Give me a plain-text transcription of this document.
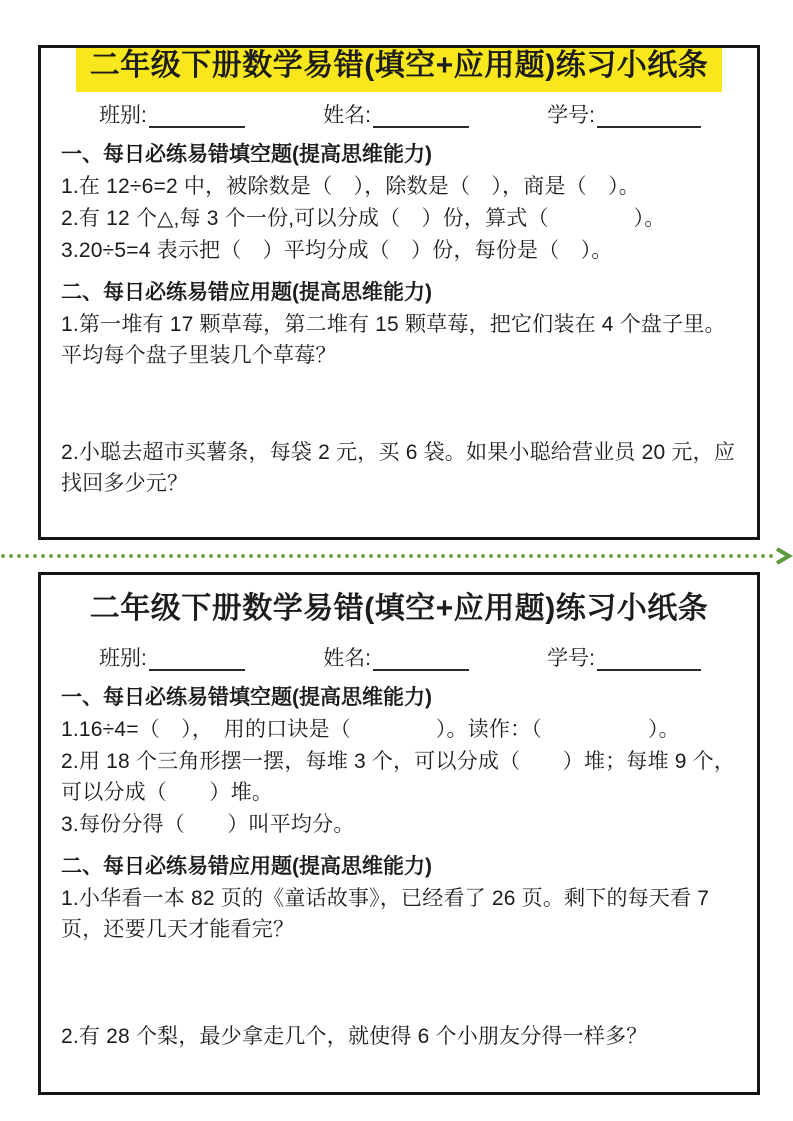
二年级下册数学易错(填空+应用题)练习小纸条
班别:	姓名:	学号:
一、每日必练易错填空题(提高思维能力)
1.在 12÷6=2 中，被除数是（　），除数是（　），商是（　）。
2.有 12 个△,每 3 个一份,可以分成（　）份，算式（　　　　）。
3.20÷5=4 表示把（　）平均分成（　）份，每份是（　）。
二、每日必练易错应用题(提高思维能力)
1.第一堆有 17 颗草莓，第二堆有 15 颗草莓，把它们装在 4 个盘子里。平均每个盘子里装几个草莓？
2.小聪去超市买薯条，每袋 2 元，买 6 袋。如果小聪给营业员 20 元，应找回多少元？
二年级下册数学易错(填空+应用题)练习小纸条
班别:	姓名:	学号:
一、每日必练易错填空题(提高思维能力)
1.16÷4=（　），　用的口诀是（　　　　）。读作：（　　　　　）。
2.用 18 个三角形摆一摆，每堆 3 个，可以分成（　　）堆；每堆 9 个，可以分成（　　）堆。
3.每份分得（　　）叫平均分。
二、每日必练易错应用题(提高思维能力)
1.小华看一本 82 页的《童话故事》，已经看了 26 页。剩下的每天看 7 页，还要几天才能看完？
2.有 28 个梨，最少拿走几个，就使得 6 个小朋友分得一样多？
